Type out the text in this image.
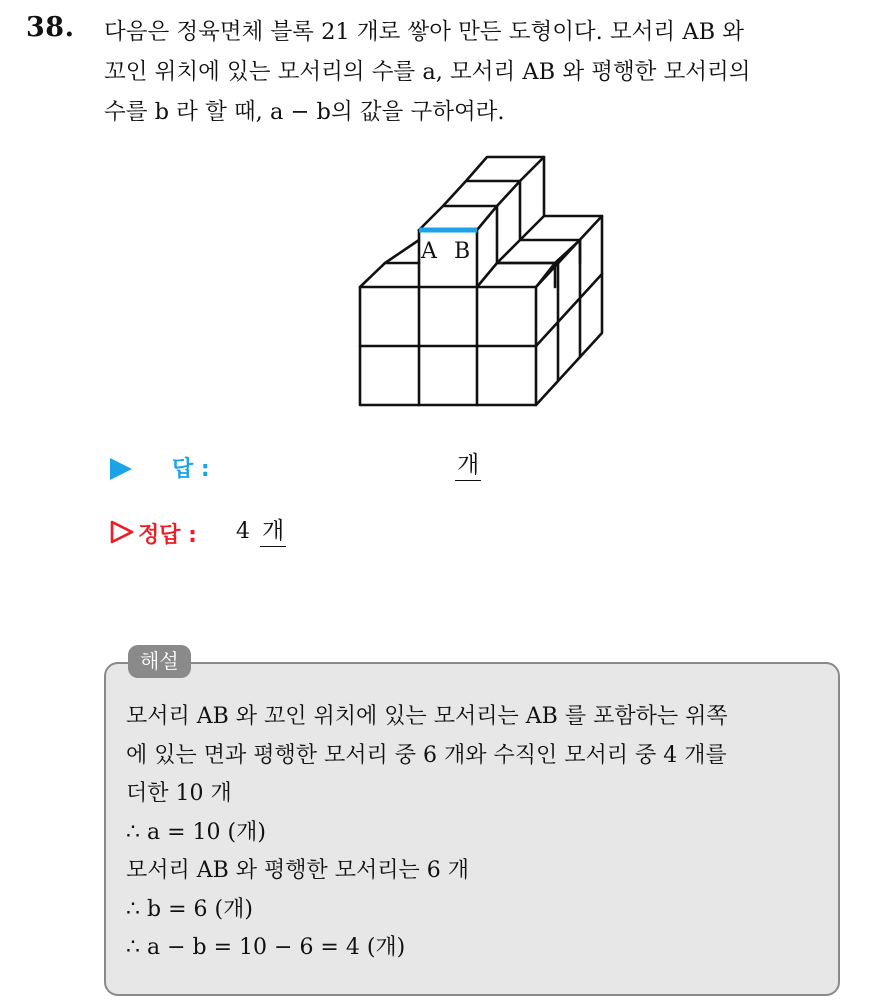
38. 다음은 정육면체 블록 21 개로 쌓아 만든 도형이다. 모서리 AB 와
꼬인 위치에 있는 모서리의 수를 a, 모서리 AB 와 평행한 모서리의
수를 b 라 할 때, a − b의 값을 구하여라.
A B
답 :	개
정답 : 4 개
해설
모서리 AB 와 꼬인 위치에 있는 모서리는 AB 를 포함하는 위쪽
에 있는 면과 평행한 모서리 중 6 개와 수직인 모서리 중 4 개를
더한 10 개
∴ a = 10 (개)
모서리 AB 와 평행한 모서리는 6 개
∴ b = 6 (개)
∴ a − b = 10 − 6 = 4 (개)
